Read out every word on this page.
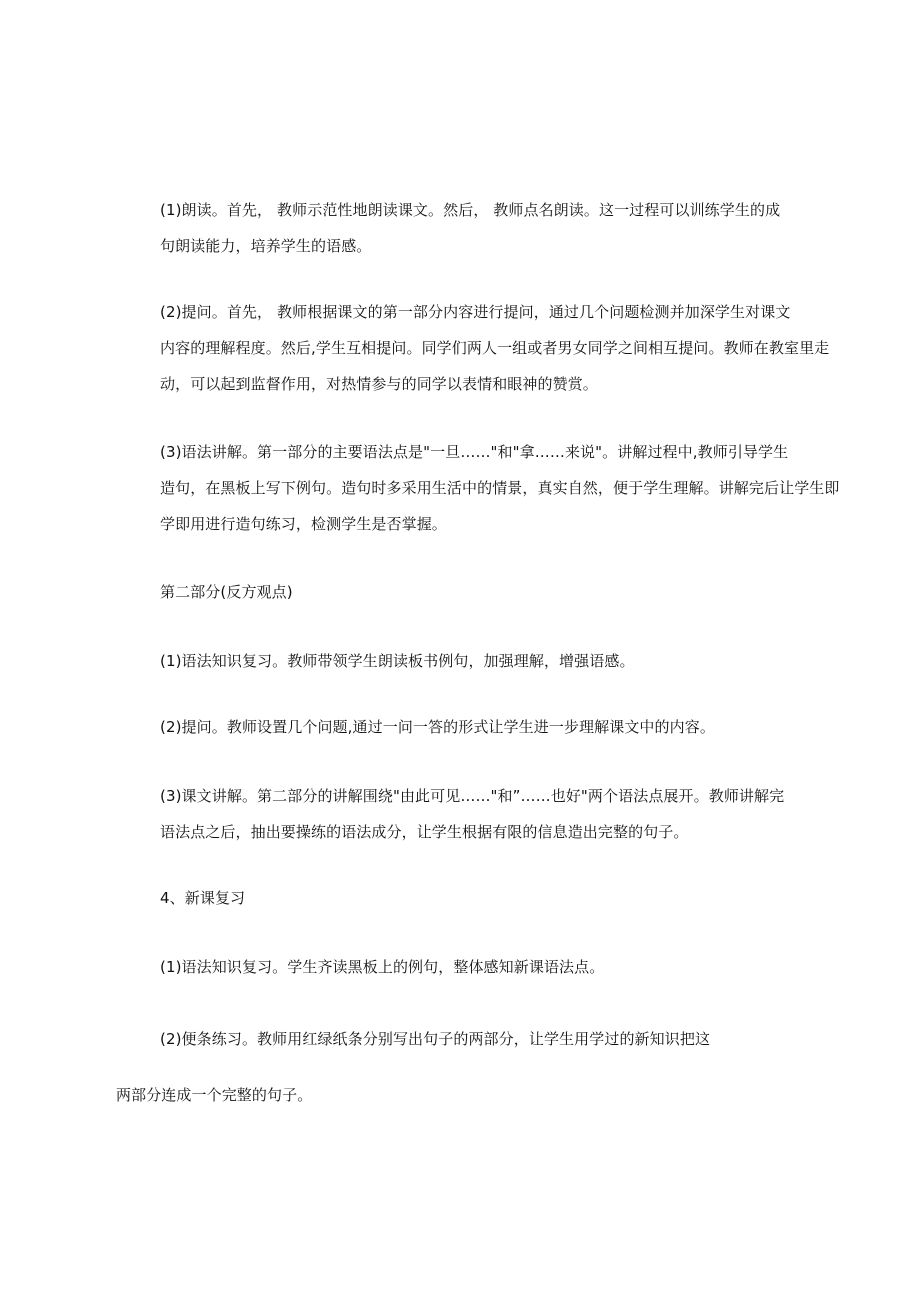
(1)朗读。首先， 教师示范性地朗读课文。然后， 教师点名朗读。这一过程可以训练学生的成
句朗读能力，培养学生的语感。

(2)提问。首先， 教师根据课文的第一部分内容进行提问，通过几个问题检测并加深学生对课文
内容的理解程度。然后,学生互相提问。同学们两人一组或者男女同学之间相互提问。教师在教室里走
动，可以起到监督作用，对热情参与的同学以表情和眼神的赞赏。

(3)语法讲解。第一部分的主要语法点是"一旦……"和"拿……来说"。讲解过程中,教师引导学生
造句，在黑板上写下例句。造句时多采用生活中的情景，真实自然，便于学生理解。讲解完后让学生即
学即用进行造句练习，检测学生是否掌握。

第二部分(反方观点)

(1)语法知识复习。教师带领学生朗读板书例句，加强理解，增强语感。

(2)提问。教师设置几个问题,通过一问一答的形式让学生进一步理解课文中的内容。

(3)课文讲解。第二部分的讲解围绕"由此可见……"和”……也好"两个语法点展开。教师讲解完
语法点之后，抽出要操练的语法成分，让学生根据有限的信息造出完整的句子。

4、新课复习

(1)语法知识复习。学生齐读黑板上的例句，整体感知新课语法点。

(2)便条练习。教师用红绿纸条分别写出句子的两部分，让学生用学过的新知识把这

两部分连成一个完整的句子。
